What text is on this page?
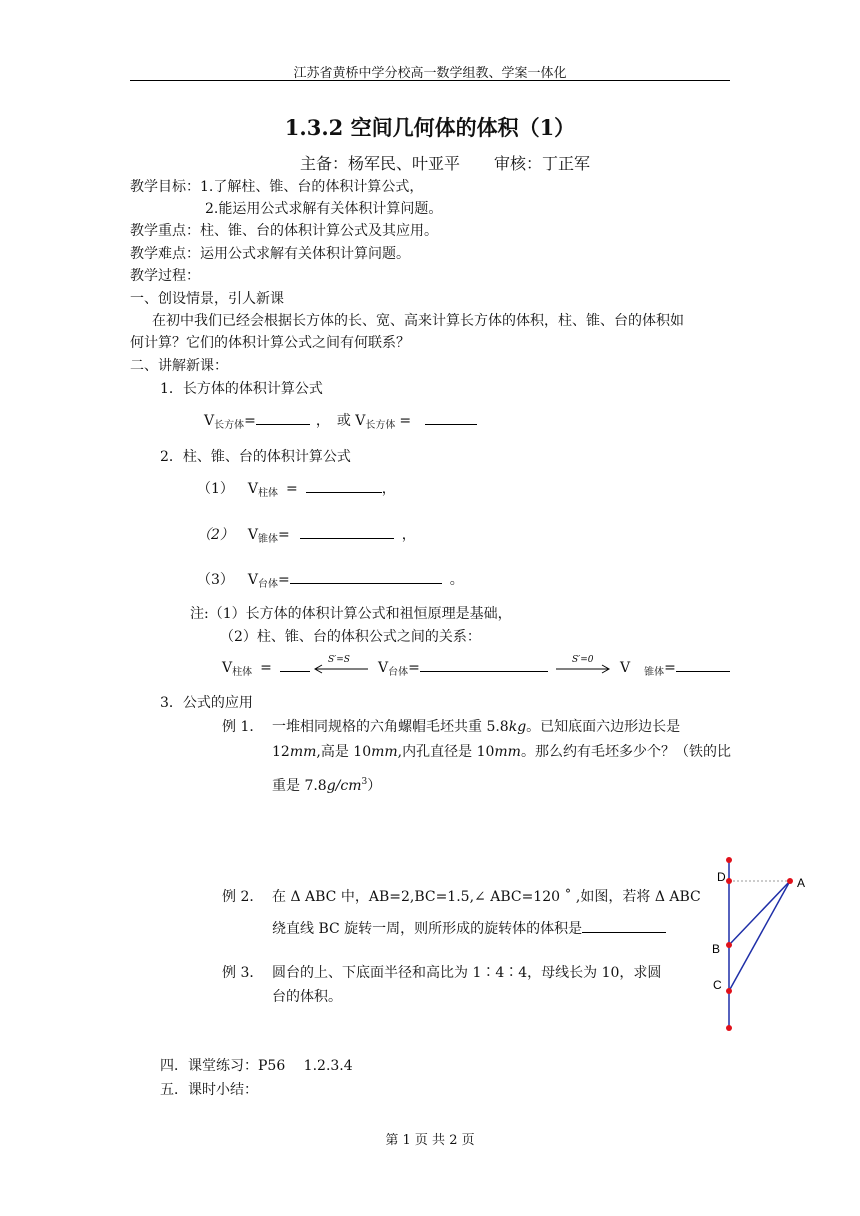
江苏省黄桥中学分校高一数学组教、学案一体化
1.3.2 空间几何体的体积（1）
主备：杨军民、叶亚平 审核：丁正军
教学目标：1.了解柱、锥、台的体积计算公式，
2.能运用公式求解有关体积计算问题。
教学重点：柱、锥、台的体积计算公式及其应用。
教学难点：运用公式求解有关体积计算问题。
教学过程：
一、创设情景，引人新课
在初中我们已经会根据长方体的长、宽、高来计算长方体的体积，柱、锥、台的体积如
何计算？它们的体积计算公式之间有何联系？
二、讲解新课：
1．长方体的体积计算公式
$V_{长方体}=$	，　或 $V_{长方体}$ =
2．柱、锥、台的体积计算公式
（1） $V_{柱体}$ =	，
（2） $V_{锥体}=$	，
（3） $V_{台体}=$	。
注:（1）长方体的体积计算公式和祖恒原理是基础，
（2）柱、锥、台的体积公式之间的关系：
$V_{柱体}$ =	S′=S $V_{台体}=$	S′=0 V $_{锥体}$=
3．公式的应用
例 1． 一堆相同规格的六角螺帽毛坯共重 5.8kg。已知底面六边形边长是
12mm,高是 10mm,内孔直径是 10mm。那么约有毛坯多少个？（铁的比
重是 $7.8g/cm^3$）
例 2． 在 Δ ABC 中，AB=2,BC=1.5,∠ ABC=120 ˚ ,如图，若将 Δ ABC
绕直线 BC 旋转一周，则所形成的旋转体的体积是
例 3． 圆台的上、下底面半径和高比为 1∶4∶4，母线长为 10，求圆
台的体积。
D	A
B
C
四．课堂练习：P56　 1.2.3.4
五．课时小结：
第 1 页 共 2 页
